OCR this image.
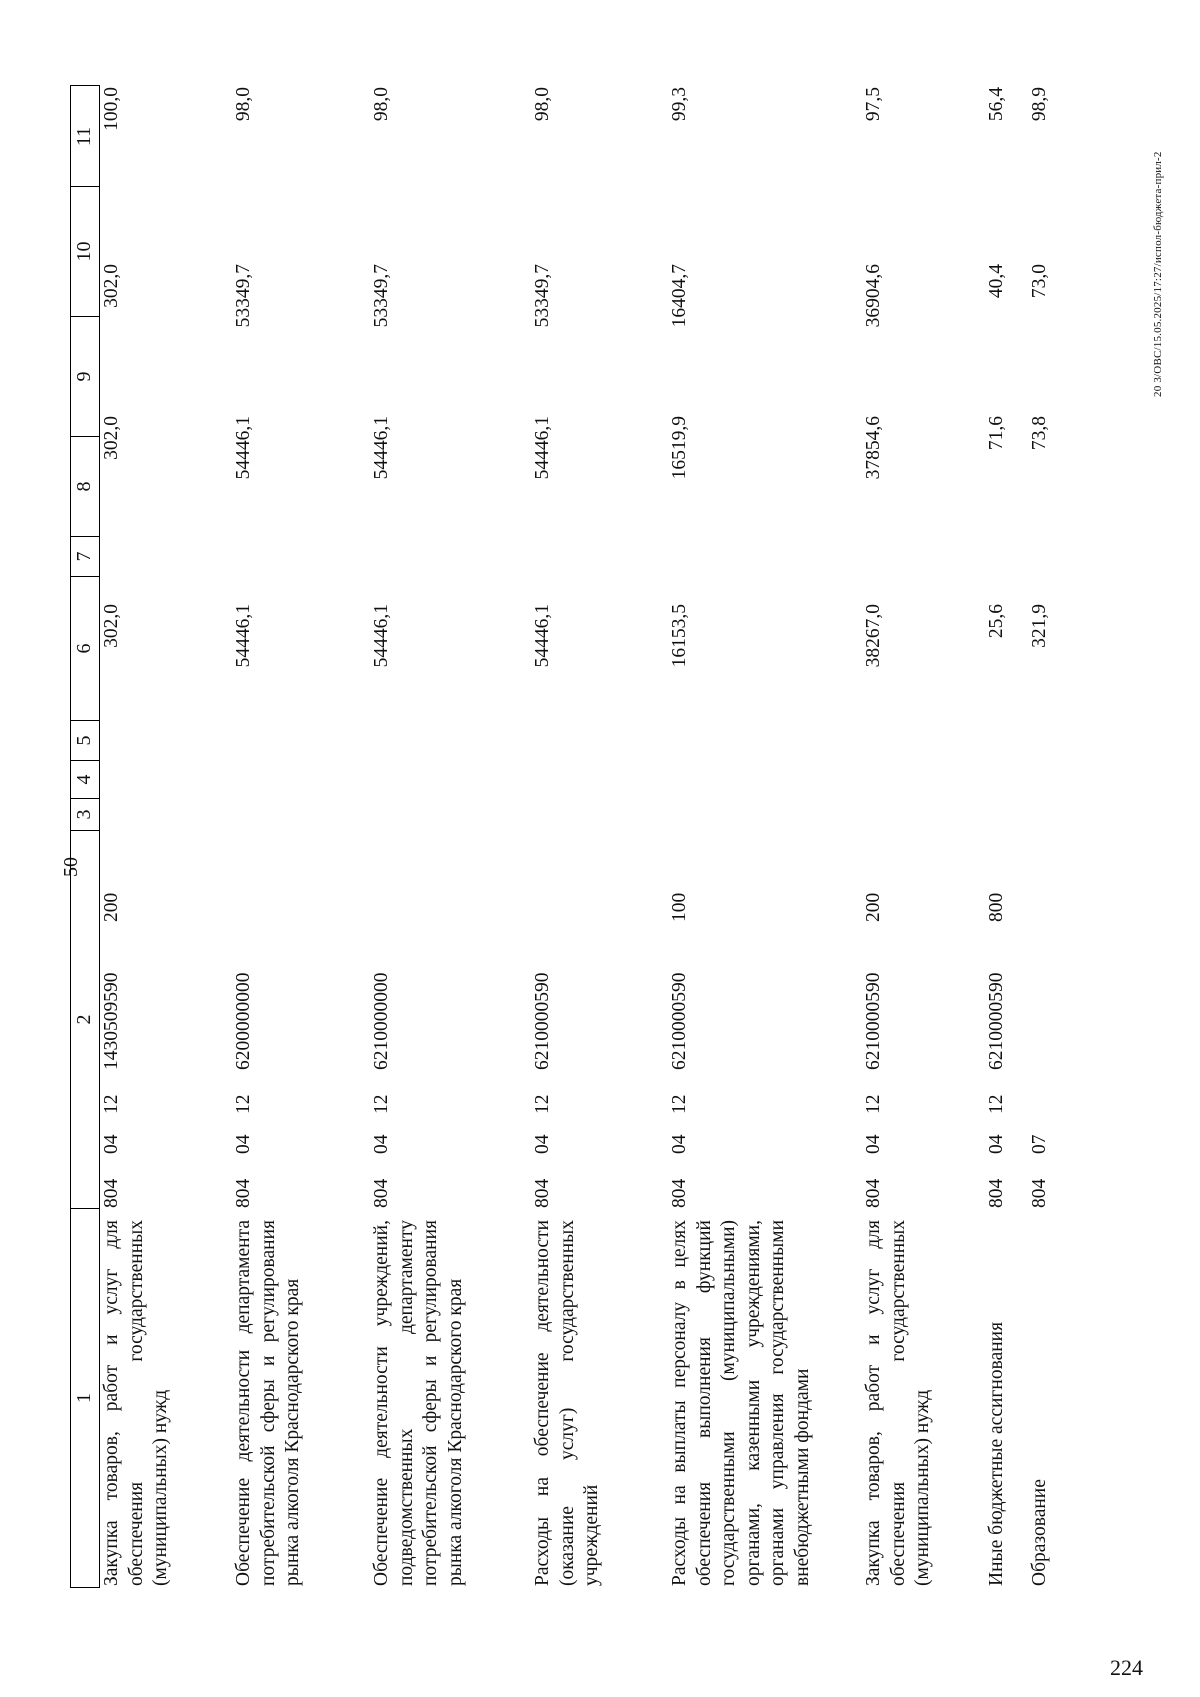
50
1
2
3
4
5
6
7
8
9
10
11
Закупка товаров, работ и услуг для обеспечения государственных (муниципальных) нужд
804
04
12
1430509590
200
302,0
302,0
302,0
100,0
Обеспечение деятельности департамента потребительской сферы и регулирования рынка алкоголя Краснодарского края
804
04
12
6200000000
54446,1
54446,1
53349,7
98,0
Обеспечение деятельности учреждений, подведомственных департаменту потребительской сферы и регулирования рынка алкоголя Краснодарского края
804
04
12
6210000000
54446,1
54446,1
53349,7
98,0
Расходы на обеспечение деятельности (оказание услуг) государственных учреждений
804
04
12
6210000590
54446,1
54446,1
53349,7
98,0
Расходы на выплаты персоналу в целях обеспечения выполнения функций государственными (муниципальными) органами, казенными учреждениями, органами управления государственными внебюджетными фондами
804
04
12
6210000590
100
16153,5
16519,9
16404,7
99,3
Закупка товаров, работ и услуг для обеспечения государственных (муниципальных) нужд
804
04
12
6210000590
200
38267,0
37854,6
36904,6
97,5
Иные бюджетные ассигнования
804
04
12
6210000590
800
25,6
71,6
40,4
56,4
Образование
804
07
321,9
73,8
73,0
98,9
20 3/ОВС/15.05.2025/17:27/испол-бюджета-прил-2
224
